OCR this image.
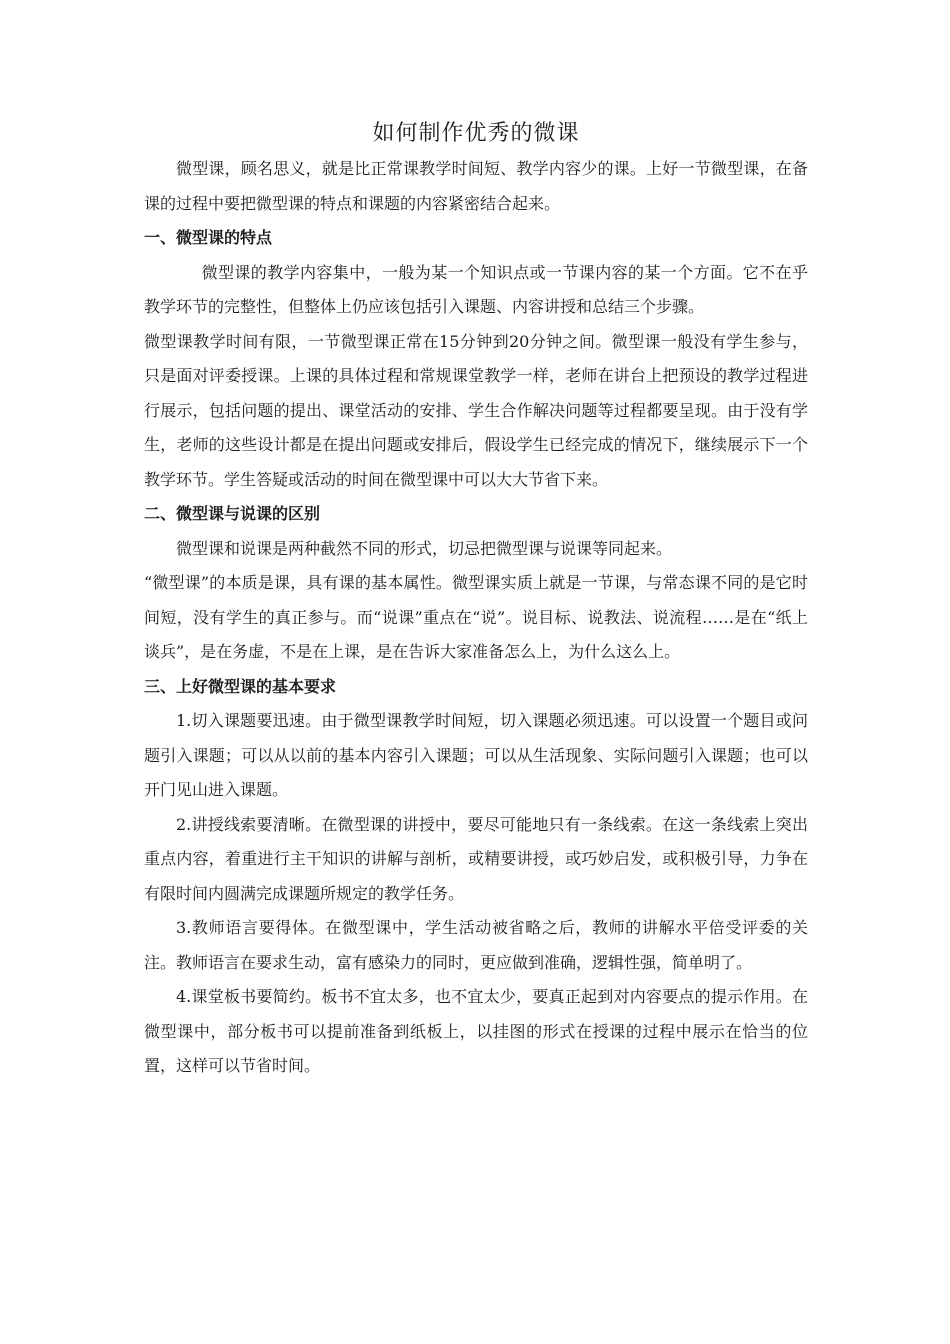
如何制作优秀的微课

微型课，顾名思义，就是比正常课教学时间短、教学内容少的课。上好一节微型课，在备课的过程中要把微型课的特点和课题的内容紧密结合起来。

一、微型课的特点

微型课的教学内容集中，一般为某一个知识点或一节课内容的某一个方面。它不在乎教学环节的完整性，但整体上仍应该包括引入课题、内容讲授和总结三个步骤。

微型课教学时间有限，一节微型课正常在15分钟到20分钟之间。微型课一般没有学生参与，只是面对评委授课。上课的具体过程和常规课堂教学一样，老师在讲台上把预设的教学过程进行展示，包括问题的提出、课堂活动的安排、学生合作解决问题等过程都要呈现。由于没有学生，老师的这些设计都是在提出问题或安排后，假设学生已经完成的情况下，继续展示下一个教学环节。学生答疑或活动的时间在微型课中可以大大节省下来。

二、微型课与说课的区别

微型课和说课是两种截然不同的形式，切忌把微型课与说课等同起来。

“微型课”的本质是课，具有课的基本属性。微型课实质上就是一节课，与常态课不同的是它时间短，没有学生的真正参与。而“说课”重点在“说”。说目标、说教法、说流程……是在“纸上谈兵”，是在务虚，不是在上课，是在告诉大家准备怎么上，为什么这么上。

三、上好微型课的基本要求

1.切入课题要迅速。由于微型课教学时间短，切入课题必须迅速。可以设置一个题目或问题引入课题；可以从以前的基本内容引入课题；可以从生活现象、实际问题引入课题；也可以开门见山进入课题。

2.讲授线索要清晰。在微型课的讲授中，要尽可能地只有一条线索。在这一条线索上突出重点内容，着重进行主干知识的讲解与剖析，或精要讲授，或巧妙启发，或积极引导，力争在有限时间内圆满完成课题所规定的教学任务。

3.教师语言要得体。在微型课中，学生活动被省略之后，教师的讲解水平倍受评委的关注。教师语言在要求生动，富有感染力的同时，更应做到准确，逻辑性强，简单明了。

4.课堂板书要简约。板书不宜太多，也不宜太少，要真正起到对内容要点的提示作用。在微型课中，部分板书可以提前准备到纸板上，以挂图的形式在授课的过程中展示在恰当的位置，这样可以节省时间。
